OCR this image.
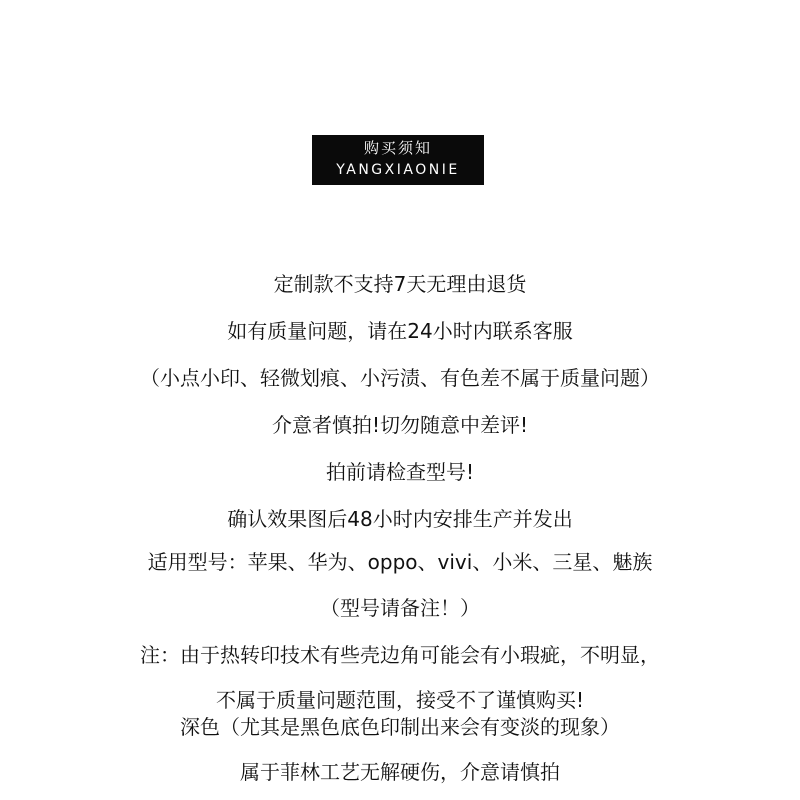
购买须知
YANGXIAONIE
定制款不支持7天无理由退货
如有质量问题，请在24小时内联系客服
（小点小印、轻微划痕、小污渍、有色差不属于质量问题）
介意者慎拍!切勿随意中差评!
拍前请检查型号!
确认效果图后48小时内安排生产并发出
适用型号：苹果、华为、oppo、vivi、小米、三星、魅族
（型号请备注！）
注：由于热转印技术有些壳边角可能会有小瑕疵，不明显，
不属于质量问题范围，接受不了谨慎购买!
深色（尤其是黑色底色印制出来会有变淡的现象）
属于菲林工艺无解硬伤，介意请慎拍
